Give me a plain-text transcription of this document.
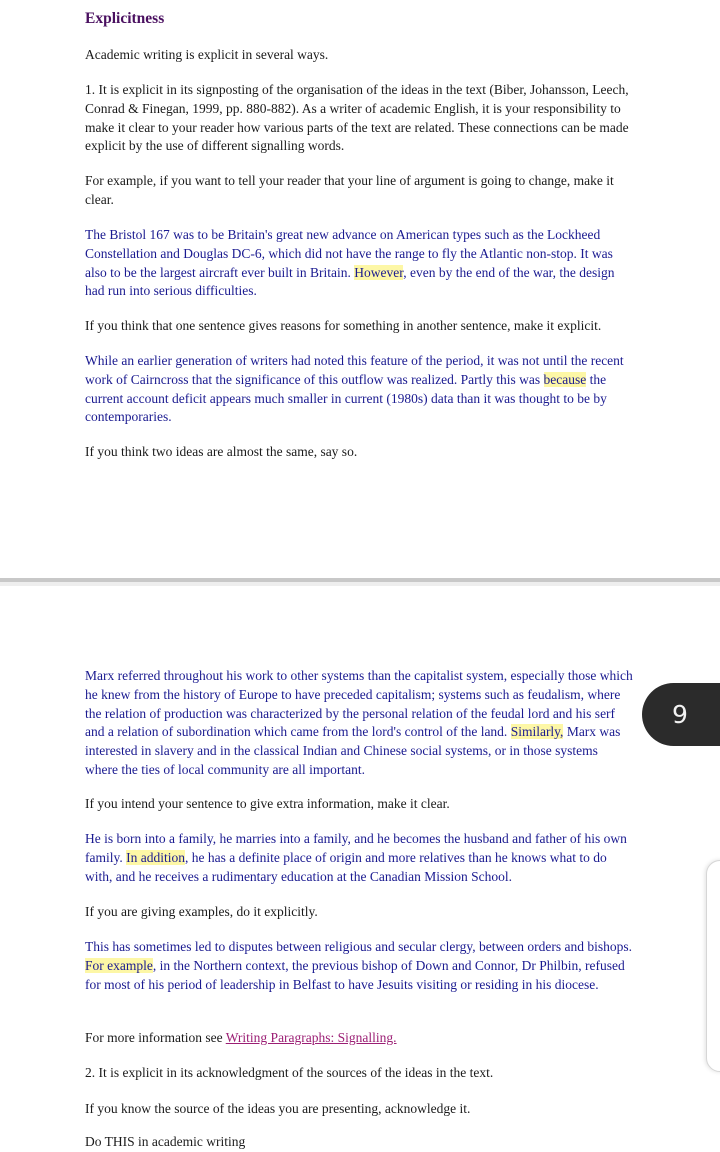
Explicitness

Academic writing is explicit in several ways.

1. It is explicit in its signposting of the organisation of the ideas in the text (Biber, Johansson, Leech, Conrad & Finegan, 1999, pp. 880-882). As a writer of academic English, it is your responsibility to make it clear to your reader how various parts of the text are related. These connections can be made explicit by the use of different signalling words.

For example, if you want to tell your reader that your line of argument is going to change, make it clear.

The Bristol 167 was to be Britain's great new advance on American types such as the Lockheed Constellation and Douglas DC-6, which did not have the range to fly the Atlantic non-stop. It was also to be the largest aircraft ever built in Britain. However, even by the end of the war, the design had run into serious difficulties.

If you think that one sentence gives reasons for something in another sentence, make it explicit.

While an earlier generation of writers had noted this feature of the period, it was not until the recent work of Cairncross that the significance of this outflow was realized. Partly this was because the current account deficit appears much smaller in current (1980s) data than it was thought to be by contemporaries.

If you think two ideas are almost the same, say so.

Marx referred throughout his work to other systems than the capitalist system, especially those which he knew from the history of Europe to have preceded capitalism; systems such as feudalism, where the relation of production was characterized by the personal relation of the feudal lord and his serf and a relation of subordination which came from the lord's control of the land. Similarly, Marx was interested in slavery and in the classical Indian and Chinese social systems, or in those systems where the ties of local community are all important.

If you intend your sentence to give extra information, make it clear.

He is born into a family, he marries into a family, and he becomes the husband and father of his own family. In addition, he has a definite place of origin and more relatives than he knows what to do with, and he receives a rudimentary education at the Canadian Mission School.

If you are giving examples, do it explicitly.

This has sometimes led to disputes between religious and secular clergy, between orders and bishops. For example, in the Northern context, the previous bishop of Down and Connor, Dr Philbin, refused for most of his period of leadership in Belfast to have Jesuits visiting or residing in his diocese.

For more information see Writing Paragraphs: Signalling.

2. It is explicit in its acknowledgment of the sources of the ideas in the text.

If you know the source of the ideas you are presenting, acknowledge it.

Do THIS in academic writing

9
